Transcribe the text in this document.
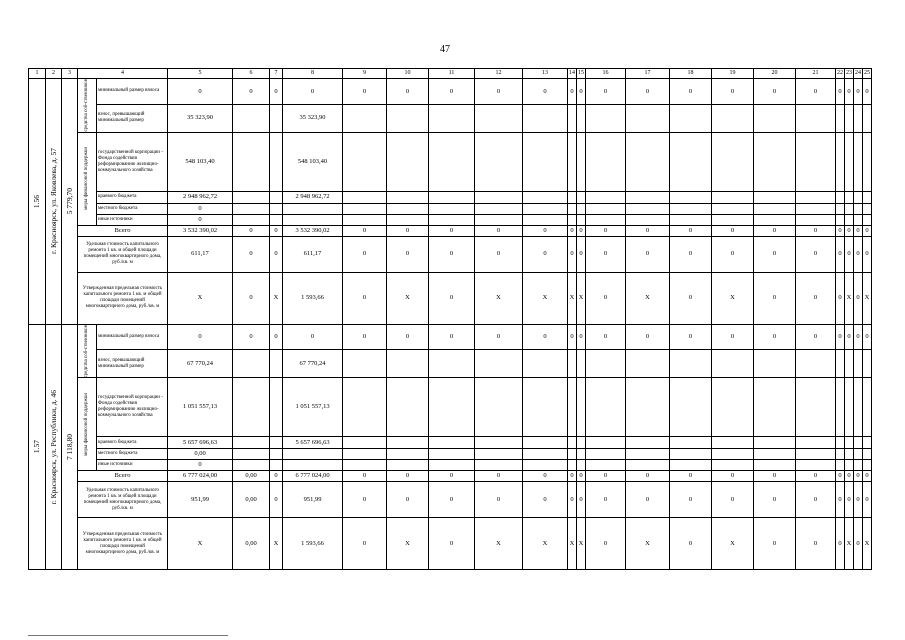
47
1	2	3	4		5	6	7	8	9	10	11	12	13	14	15	16	17	18	19	20	21	22	23	24	25

1.56	г. Красноярск, ул. Яковлева, д. 57	5 779,70	средства соб-ственников	минимальный размер взноса	0	0	0	0	0	0	0	0	0	0	0	0	0	0	0	0	0	0	0	0	0
				взнос, превышающий минимальный размер	35 323,90			35 323,90																	

			меры финансовой поддержки	государственной корпорации - Фонда содействия реформированию жилищно-коммунального хозяйства	548 103,40			548 103,40																	
				краевого бюджета	2 948 962,72			2 948 962,72																	
				местного бюджета	0																				
				иные источники	0																				
			Всего		3 532 390,02	0	0	3 532 390,02	0	0	0	0	0	0	0	0	0	0	0	0	0	0	0	0	0
			Удельная стоимость капитального ремонта 1 кв. м общей площади помещений многоквартирного дома, руб./кв. м		611,17	0	0	611,17	0	0	0	0	0	0	0	0	0	0	0	0	0	0	0	0	0
			Утвержденная предельная стоимость капитального ремонта 1 кв. м общей площади помещений многоквартирного дома, руб./кв. м		X	0	X	1 593,66	0	X	0	X	X	X	X	0	X	0	X	0	0	0	X	0	X

1.57	г. Красноярск, ул. Республики, д. 46	7 118,80	средства соб-ственников	минимальный размер взноса	0	0	0	0	0	0	0	0	0	0	0	0	0	0	0	0	0	0	0	0	0
				взнос, превышающий минимальный размер	67 770,24			67 770,24																	

			меры финансовой поддержки	государственной корпорации - Фонда содействия реформированию жилищно-коммунального хозяйства	1 051 557,13			1 051 557,13																	
				краевого бюджета	5 657 696,63			5 657 696,63																	
				местного бюджета	0,00																				
				иные источники	0																				
			Всего		6 777 024,00	0,00	0	6 777 024,00	0	0	0	0	0	0	0	0	0	0	0	0	0	0	0	0	0
			Удельная стоимость капитального ремонта 1 кв. м общей площади помещений многоквартирного дома, руб./кв. м		951,99	0,00	0	951,99	0	0	0	0	0	0	0	0	0	0	0	0	0	0	0	0	0
			Утвержденная предельная стоимость капитального ремонта 1 кв. м общей площади помещений многоквартирного дома, руб./кв. м		X	0,00	X	1 593,66	0	X	0	X	X	X	X	0	X	0	X	0	0	0	X	0	X
